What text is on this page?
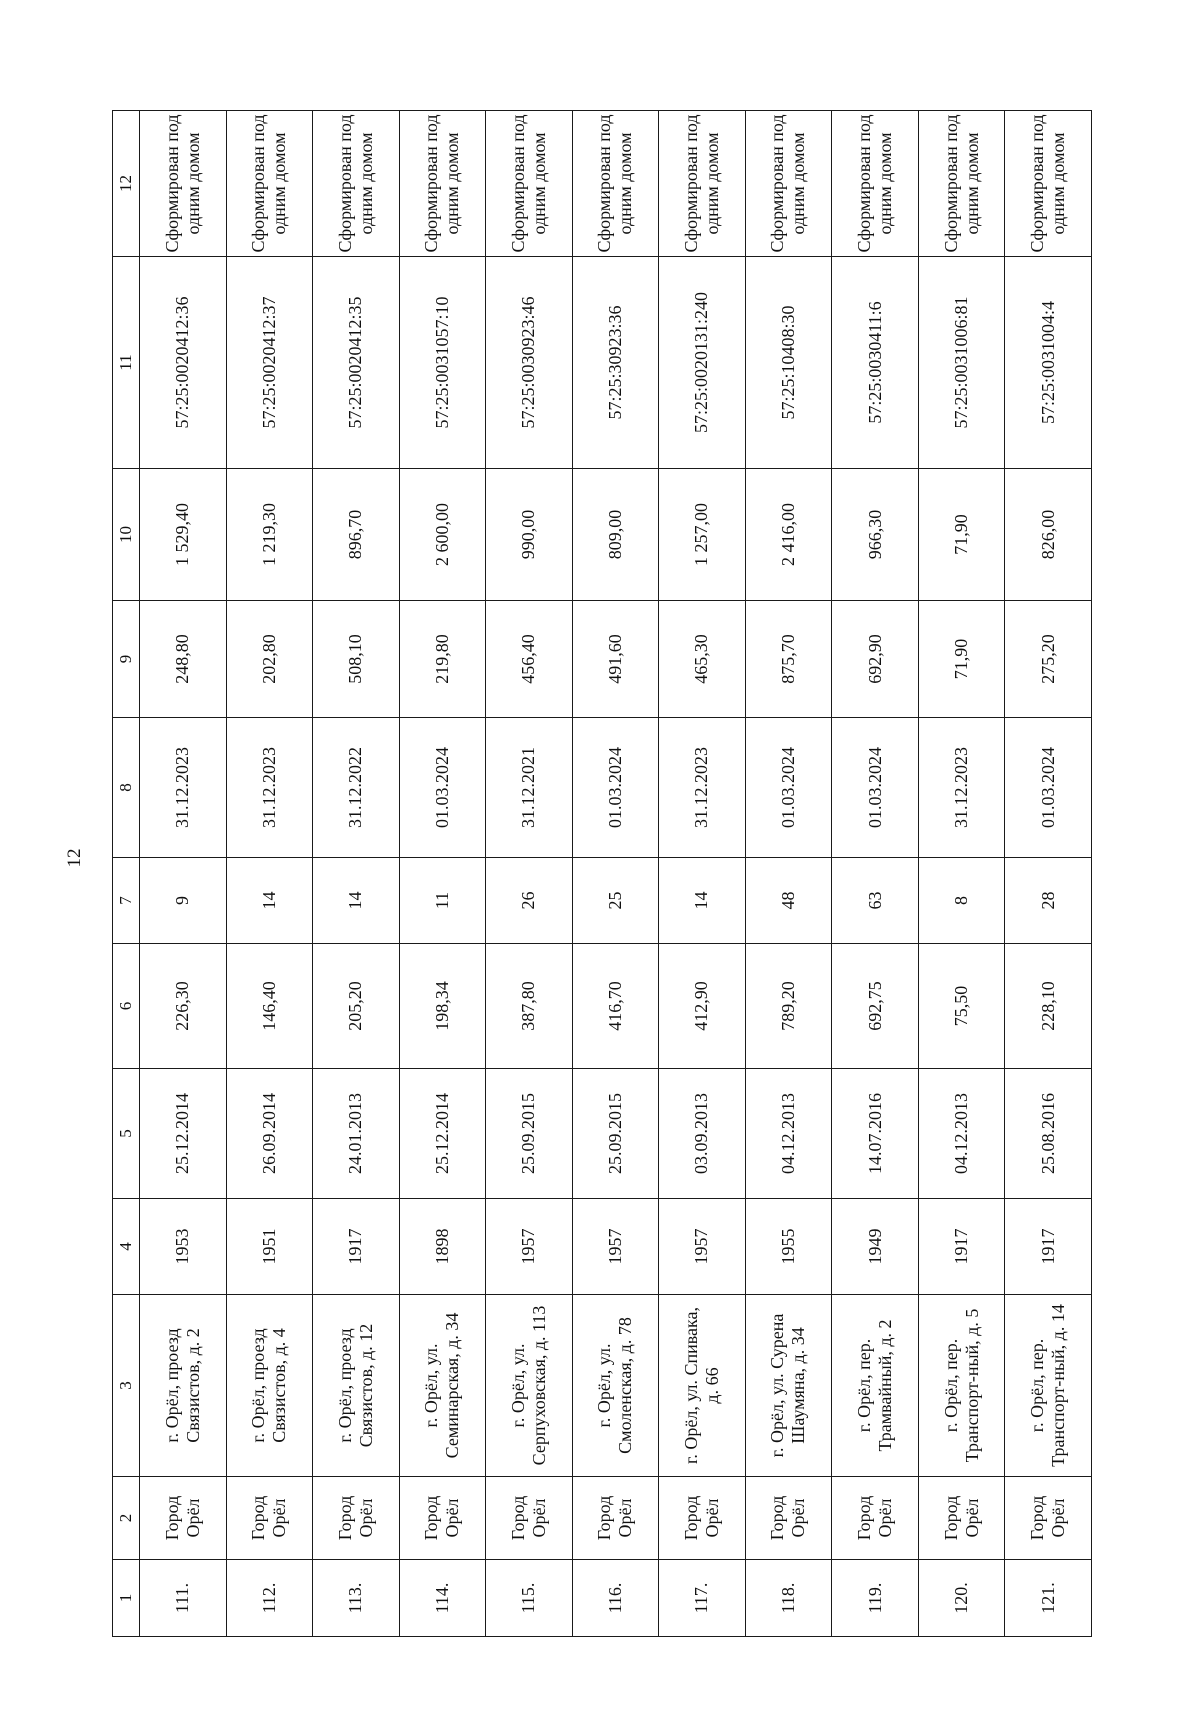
12
1	2	3	4	5	6	7	8	9	10	11	12
111.	Город Орёл	г. Орёл, проезд Связистов, д. 2	1953	25.12.2014	226,30	9	31.12.2023	248,80	1 529,40	57:25:0020412:36	Сформирован под одним домом
112.	Город Орёл	г. Орёл, проезд Связистов, д. 4	1951	26.09.2014	146,40	14	31.12.2023	202,80	1 219,30	57:25:0020412:37	Сформирован под одним домом
113.	Город Орёл	г. Орёл, проезд Связистов, д. 12	1917	24.01.2013	205,20	14	31.12.2022	508,10	896,70	57:25:0020412:35	Сформирован под одним домом
114.	Город Орёл	г. Орёл, ул. Семинарская, д. 34	1898	25.12.2014	198,34	11	01.03.2024	219,80	2 600,00	57:25:0031057:10	Сформирован под одним домом
115.	Город Орёл	г. Орёл, ул. Серпуховская, д. 113	1957	25.09.2015	387,80	26	31.12.2021	456,40	990,00	57:25:0030923:46	Сформирован под одним домом
116.	Город Орёл	г. Орёл, ул. Смоленская, д. 78	1957	25.09.2015	416,70	25	01.03.2024	491,60	809,00	57:25:30923:36	Сформирован под одним домом
117.	Город Орёл	г. Орёл, ул. Спивака, д. 66	1957	03.09.2013	412,90	14	31.12.2023	465,30	1 257,00	57:25:0020131:240	Сформирован под одним домом
118.	Город Орёл	г. Орёл, ул. Сурена Шаумяна, д. 34	1955	04.12.2013	789,20	48	01.03.2024	875,70	2 416,00	57:25:10408:30	Сформирован под одним домом
119.	Город Орёл	г. Орёл, пер. Трамвайный, д. 2	1949	14.07.2016	692,75	63	01.03.2024	692,90	966,30	57:25:0030411:6	Сформирован под одним домом
120.	Город Орёл	г. Орёл, пер. Транспорт-ный, д. 5	1917	04.12.2013	75,50	8	31.12.2023	71,90	71,90	57:25:0031006:81	Сформирован под одним домом
121.	Город Орёл	г. Орёл, пер. Транспорт-ный, д. 14	1917	25.08.2016	228,10	28	01.03.2024	275,20	826,00	57:25:0031004:4	Сформирован под одним домом
